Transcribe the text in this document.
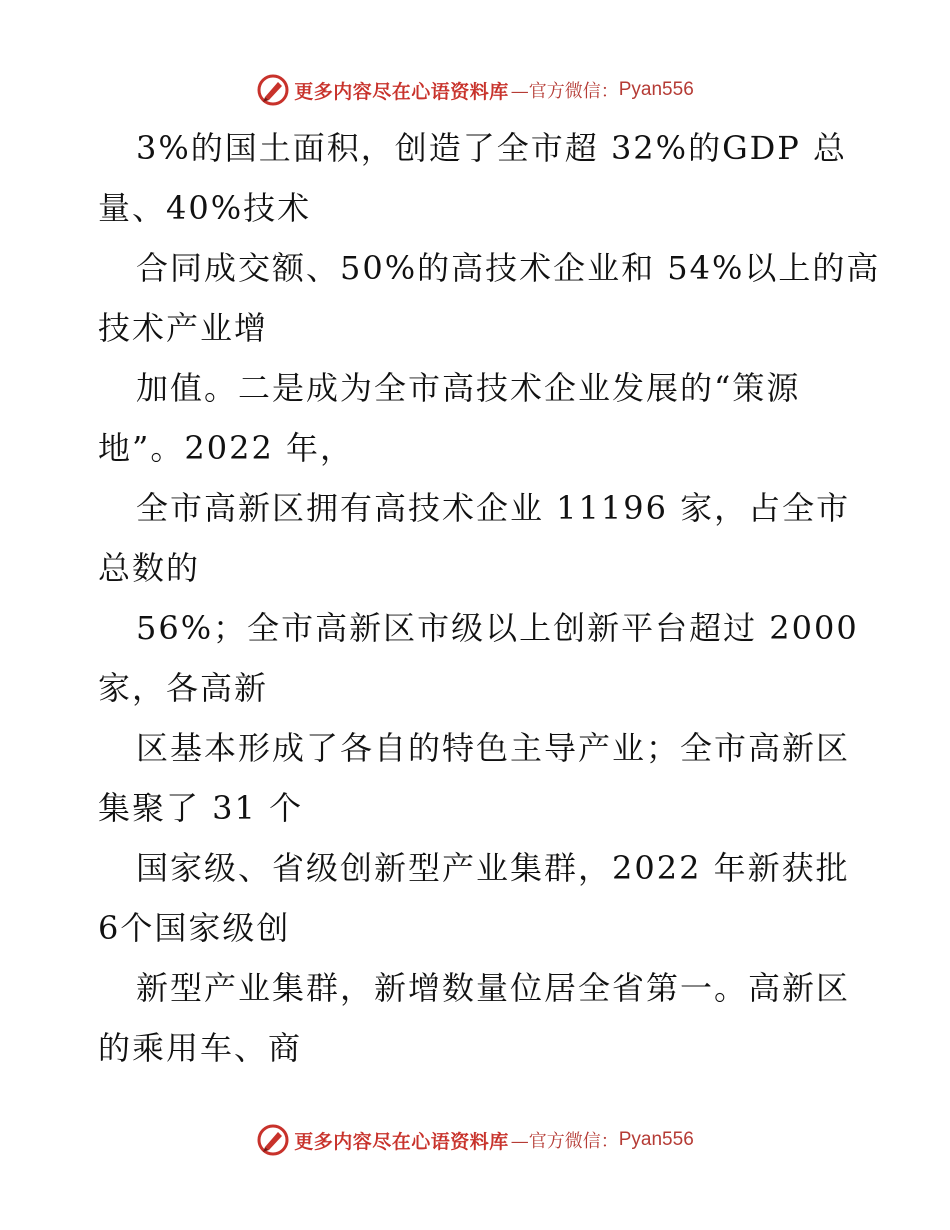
更多内容尽在心语资料库 —官方微信： Pyan556
3%的国土面积，创造了全市超 32%的GDP 总
量、40%技术
合同成交额、50%的高技术企业和 54%以上的高
技术产业增
加值。二是成为全市高技术企业发展的“策源
地”。2022 年，
全市高新区拥有高技术企业 11196 家，占全市
总数的
56%；全市高新区市级以上创新平台超过 2000
家，各高新
区基本形成了各自的特色主导产业；全市高新区
集聚了 31 个
国家级、省级创新型产业集群，2022 年新获批
6个国家级创
新型产业集群，新增数量位居全省第一。高新区
的乘用车、商
更多内容尽在心语资料库 —官方微信： Pyan556
